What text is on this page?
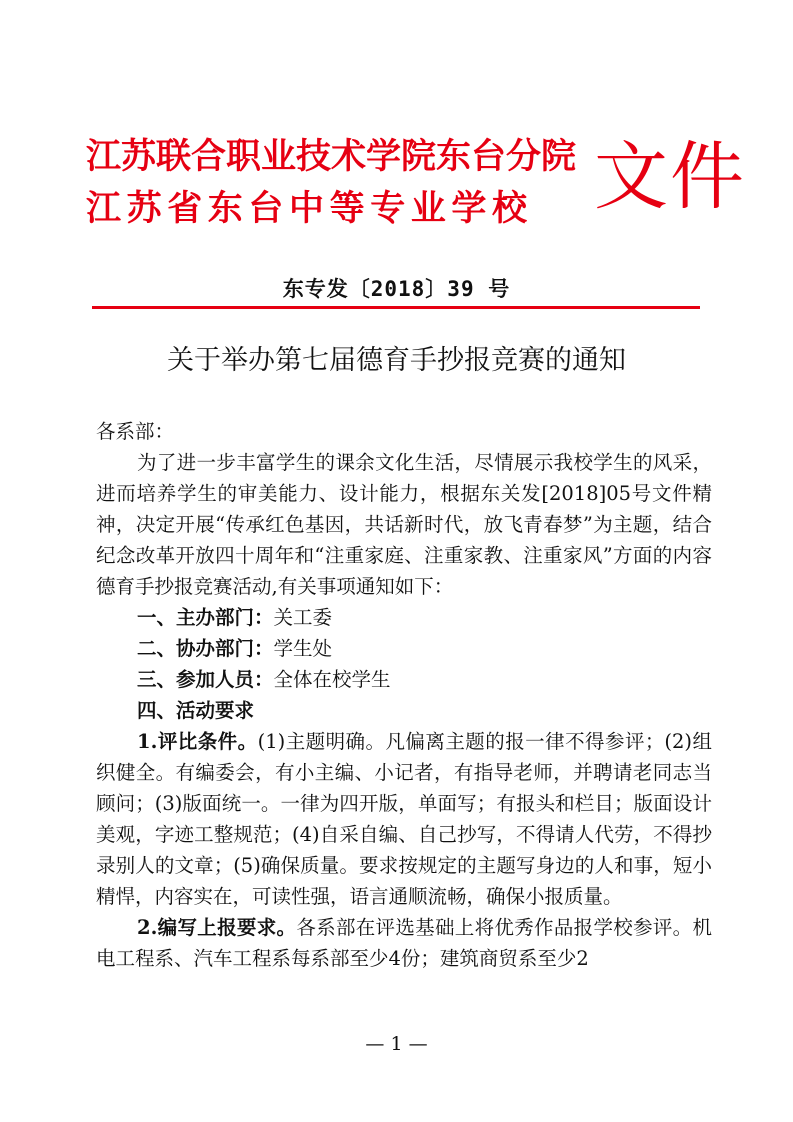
江苏联合职业技术学院东台分院
江苏省东台中等专业学校 文件
东专发〔2018〕39 号
关于举办第七届德育手抄报竞赛的通知

各系部：

为了进一步丰富学生的课余文化生活，尽情展示我校学生的风采，进而培养学生的审美能力、设计能力，根据东关发[2018]05号文件精神，决定开展“传承红色基因，共话新时代，放飞青春梦”为主题，结合纪念改革开放四十周年和“注重家庭、注重家教、注重家风”方面的内容德育手抄报竞赛活动,有关事项通知如下：

一、主办部门：关工委

二、协办部门：学生处

三、参加人员：全体在校学生

四、活动要求

1.评比条件。(1)主题明确。凡偏离主题的报一律不得参评；(2)组织健全。有编委会，有小主编、小记者，有指导老师，并聘请老同志当顾问；(3)版面统一。一律为四开版，单面写；有报头和栏目；版面设计美观，字迹工整规范；(4)自采自编、自己抄写，不得请人代劳，不得抄录别人的文章；(5)确保质量。要求按规定的主题写身边的人和事，短小精悍，内容实在，可读性强，语言通顺流畅，确保小报质量。

2.编写上报要求。各系部在评选基础上将优秀作品报学校参评。机电工程系、汽车工程系每系部至少4份；建筑商贸系至少2

— 1 —
